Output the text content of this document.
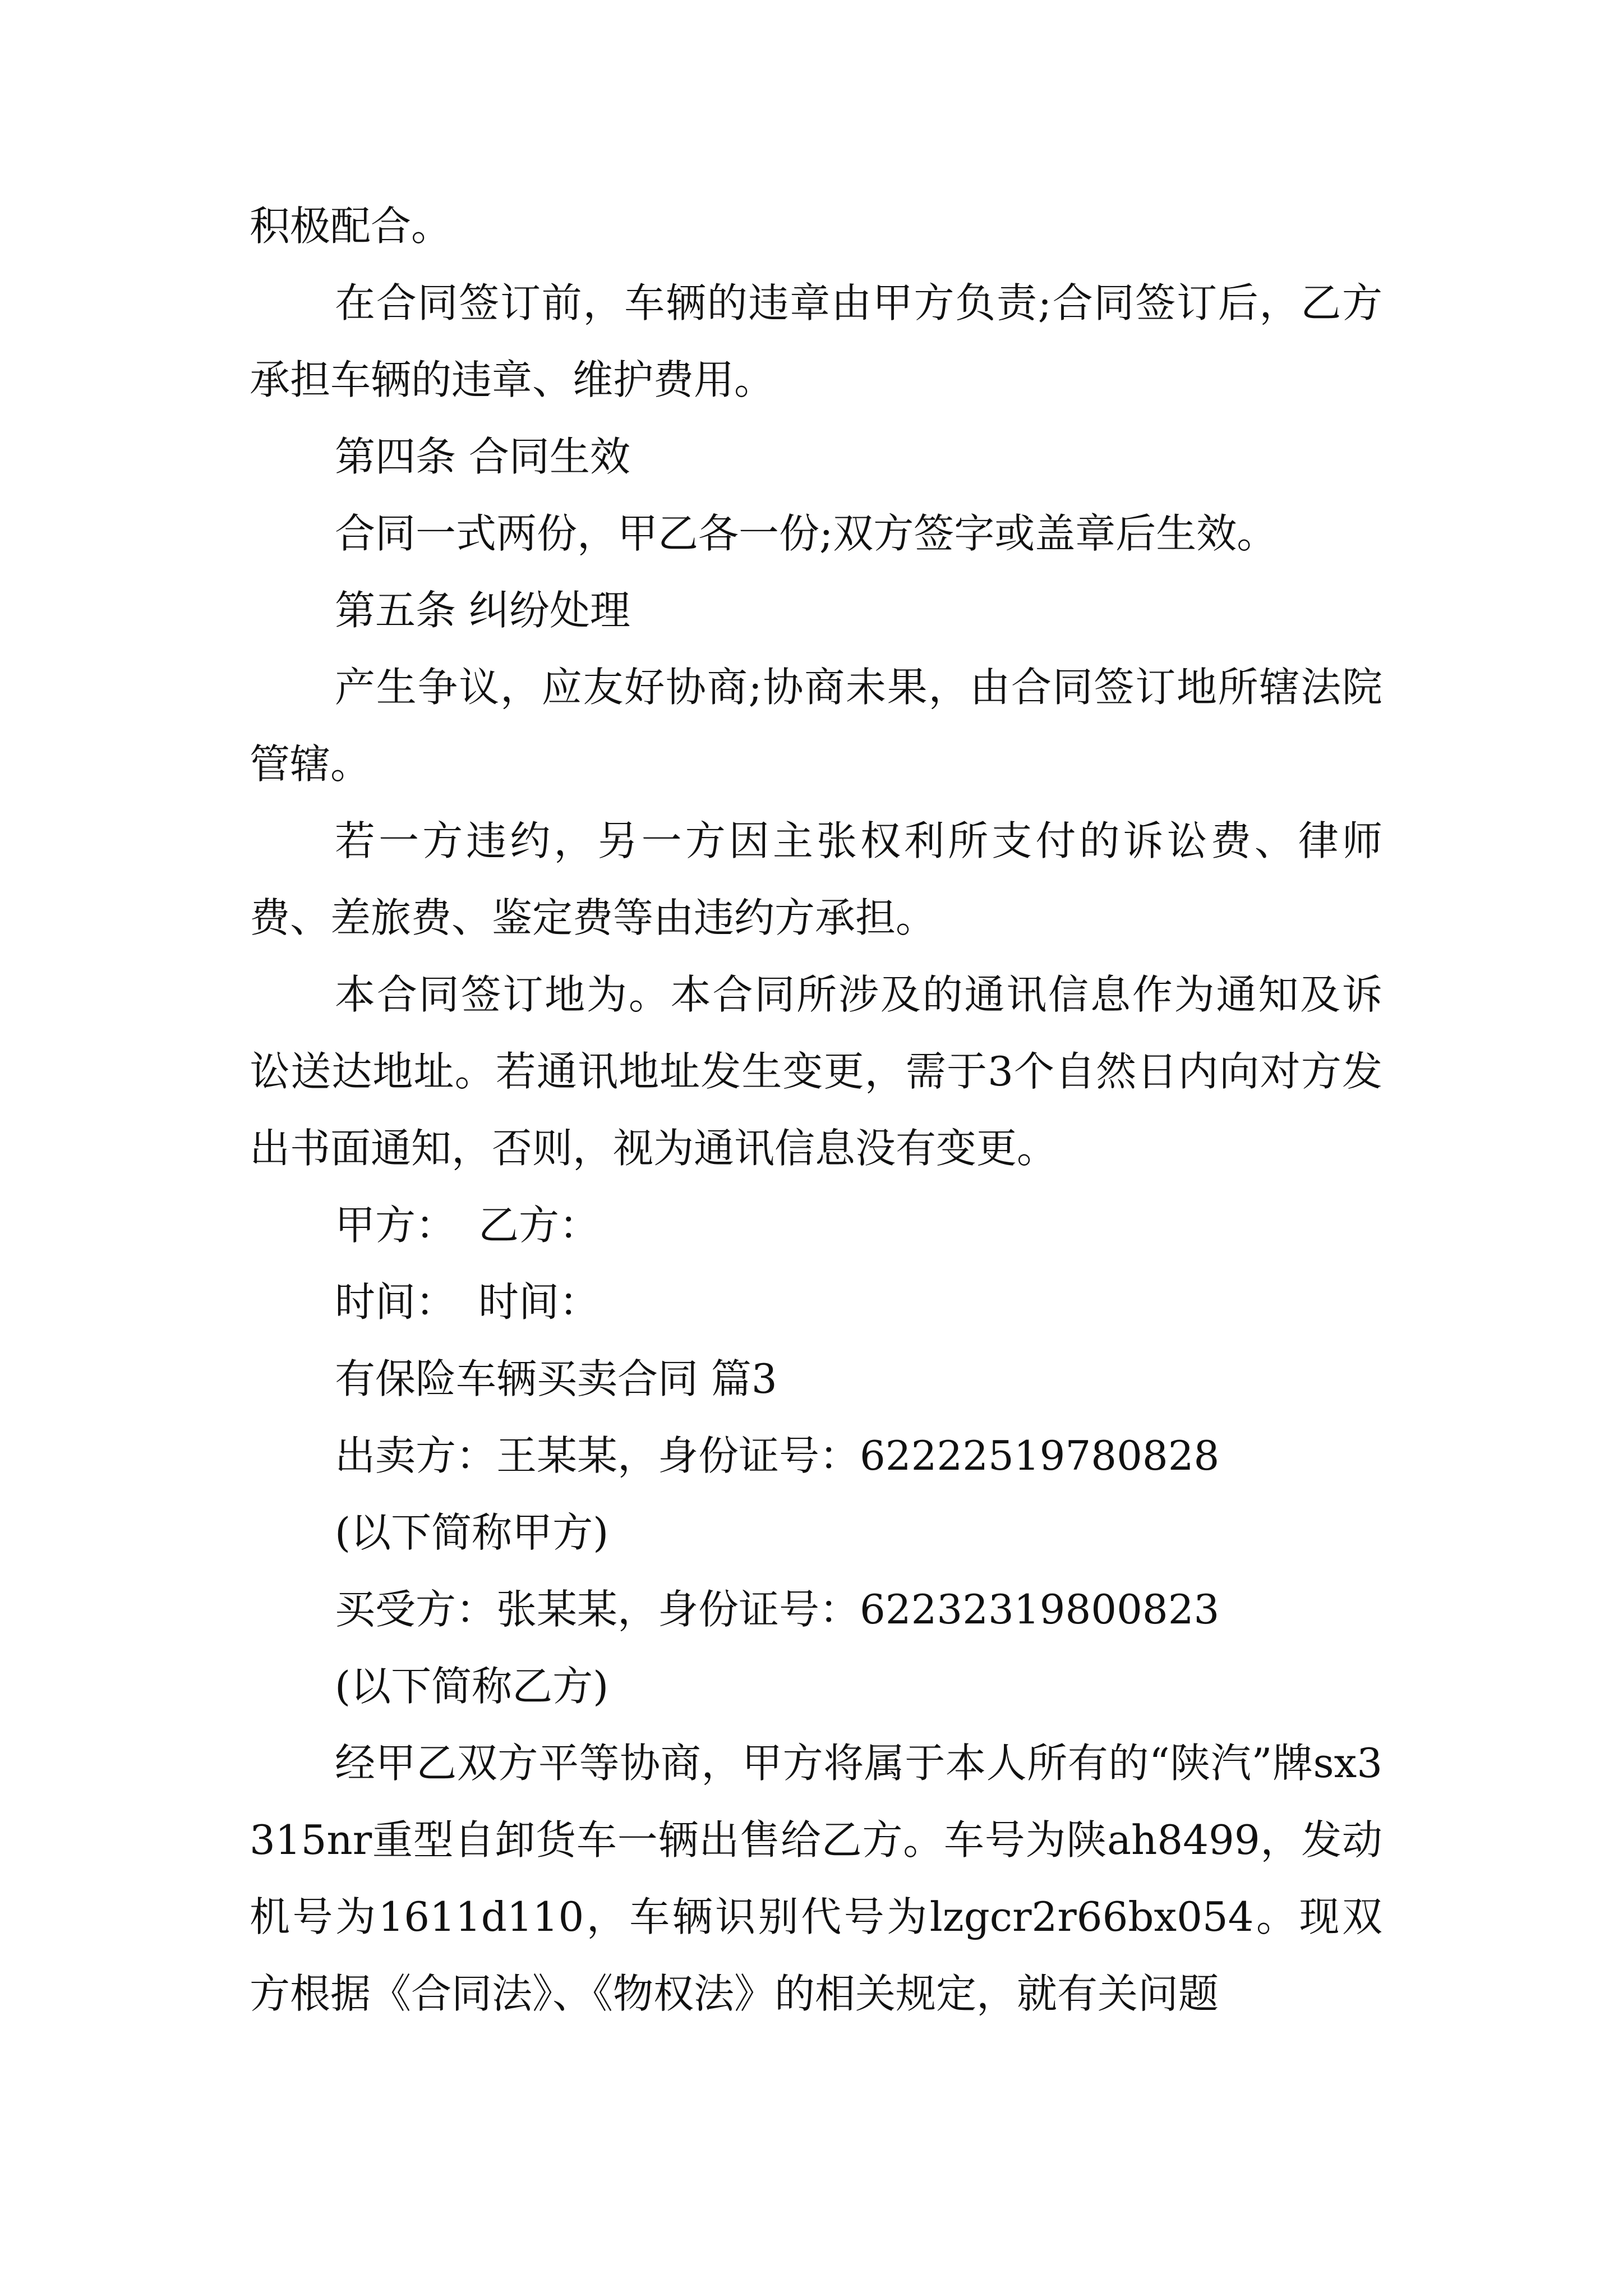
积极配合。

在合同签订前，车辆的违章由甲方负责;合同签订后，乙方承担车辆的违章、维护费用。

第四条 合同生效
合同一式两份，甲乙各一份;双方签字或盖章后生效。
第五条 纠纷处理

产生争议，应友好协商;协商未果，由合同签订地所辖法院管辖。

若一方违约，另一方因主张权利所支付的诉讼费、律师费、差旅费、鉴定费等由违约方承担。

本合同签订地为。本合同所涉及的通讯信息作为通知及诉讼送达地址。若通讯地址发生变更，需于3个自然日内向对方发出书面通知，否则，视为通讯信息没有变更。

甲方： 乙方：
时间： 时间：
有保险车辆买卖合同 篇3
出卖方：王某某，身份证号：62222519780828
(以下简称甲方)
买受方：张某某，身份证号：62232319800823
(以下简称乙方)

经甲乙双方平等协商，甲方将属于本人所有的“陕汽”牌sx3315nr重型自卸货车一辆出售给乙方。车号为陕ah8499，发动机号为1611d110，车辆识别代号为lzgcr2r66bx054。现双方根据《合同法》、《物权法》的相关规定，就有关问题
